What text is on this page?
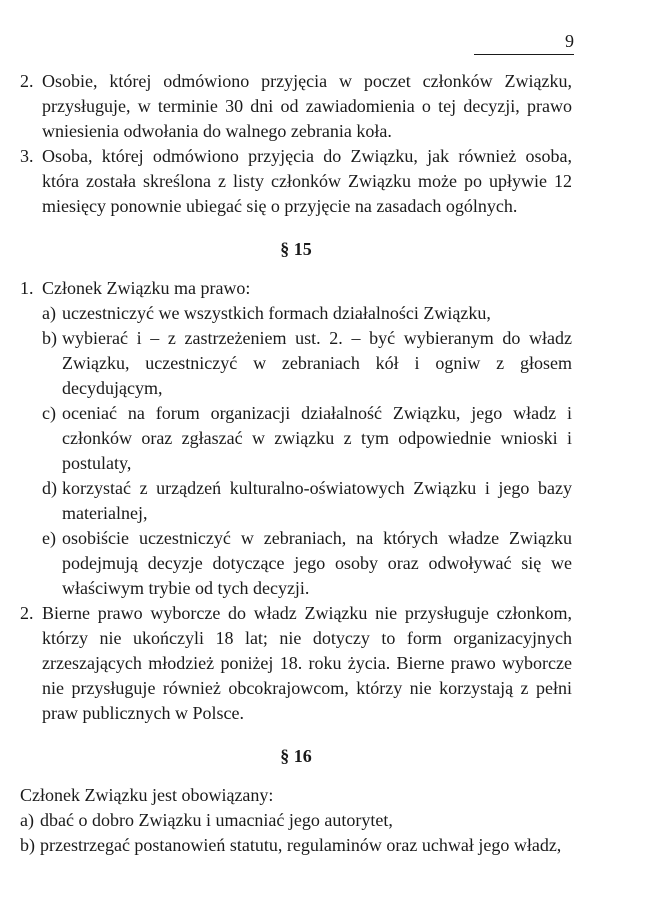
9
2. Osobie, której odmówiono przyjęcia w poczet członków Związku, przysługuje, w terminie 30 dni od zawiadomienia o tej decyzji, prawo wniesienia odwołania do walnego zebrania koła.
3. Osoba, której odmówiono przyjęcia do Związku, jak również osoba, która została skreślona z listy członków Związku może po upływie 12 miesięcy ponownie ubiegać się o przyjęcie na zasadach ogólnych.
§ 15
1. Członek Związku ma prawo:
a) uczestniczyć we wszystkich formach działalności Związku,
b) wybierać i – z zastrzeżeniem ust. 2. – być wybieranym do władz Związku, uczestniczyć w zebraniach kół i ogniw z głosem decydującym,
c) oceniać na forum organizacji działalność Związku, jego władz i członków oraz zgłaszać w związku z tym odpowiednie wnioski i postulaty,
d) korzystać z urządzeń kulturalno-oświatowych Związku i jego bazy materialnej,
e) osobiście uczestniczyć w zebraniach, na których władze Związku podejmują decyzje dotyczące jego osoby oraz odwoływać się we właściwym trybie od tych decyzji.
2. Bierne prawo wyborcze do władz Związku nie przysługuje członkom, którzy nie ukończyli 18 lat; nie dotyczy to form organizacyjnych zrzeszających młodzież poniżej 18. roku życia. Bierne prawo wyborcze nie przysługuje również obcokrajowcom, którzy nie korzystają z pełni praw publicznych w Polsce.
§ 16
Członek Związku jest obowiązany:
a) dbać o dobro Związku i umacniać jego autorytet,
b) przestrzegać postanowień statutu, regulaminów oraz uchwał jego władz,
